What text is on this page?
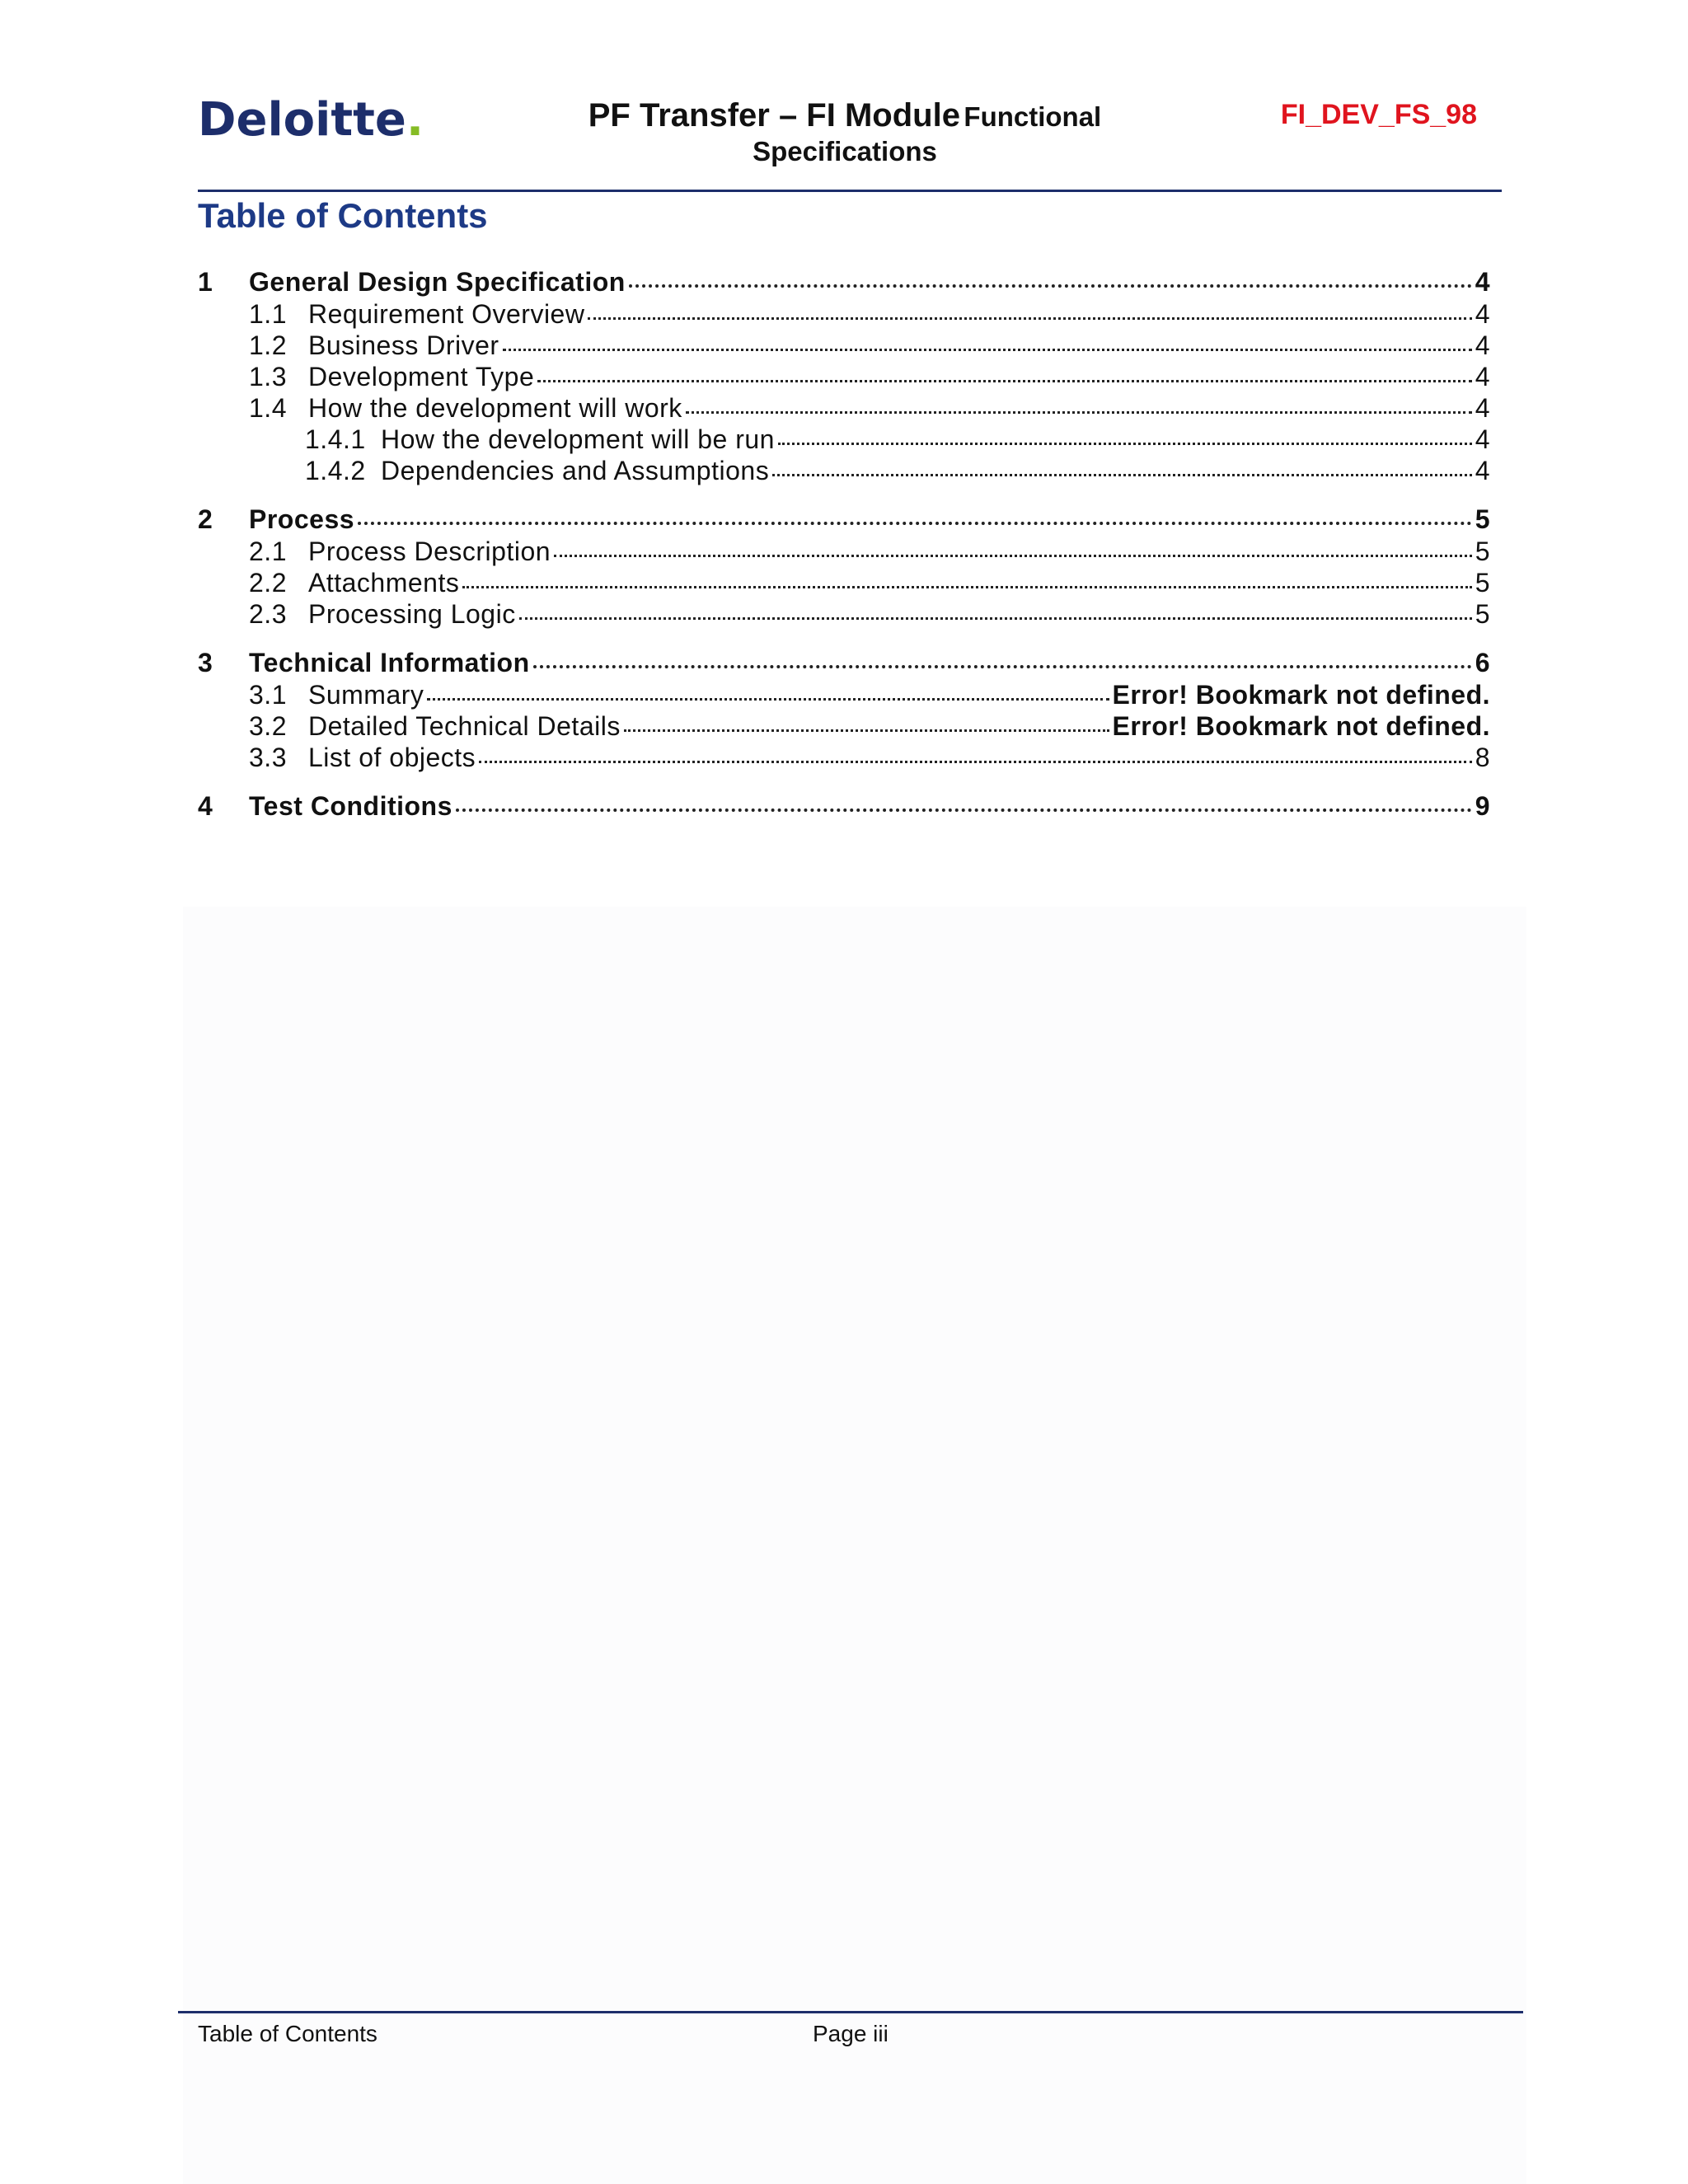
Deloitte.	PF Transfer – FI Module Functional
Specifications
FI_DEV_FS_98
Table of Contents
1	General Design Specification	4
1.1 Requirement Overview	4
1.2 Business Driver	4
1.3 Development Type	4
1.4 How the development will work	4
1.4.1 How the development will be run	4
1.4.2 Dependencies and Assumptions	4
2	Process	5
2.1 Process Description	5
2.2 Attachments	5
2.3 Processing Logic	5
3	Technical Information	6
3.1 Summary	Error! Bookmark not defined.
3.2 Detailed Technical Details	Error! Bookmark not defined.
3.3 List of objects	8
4	Test Conditions	9
Table of Contents	Page iii
